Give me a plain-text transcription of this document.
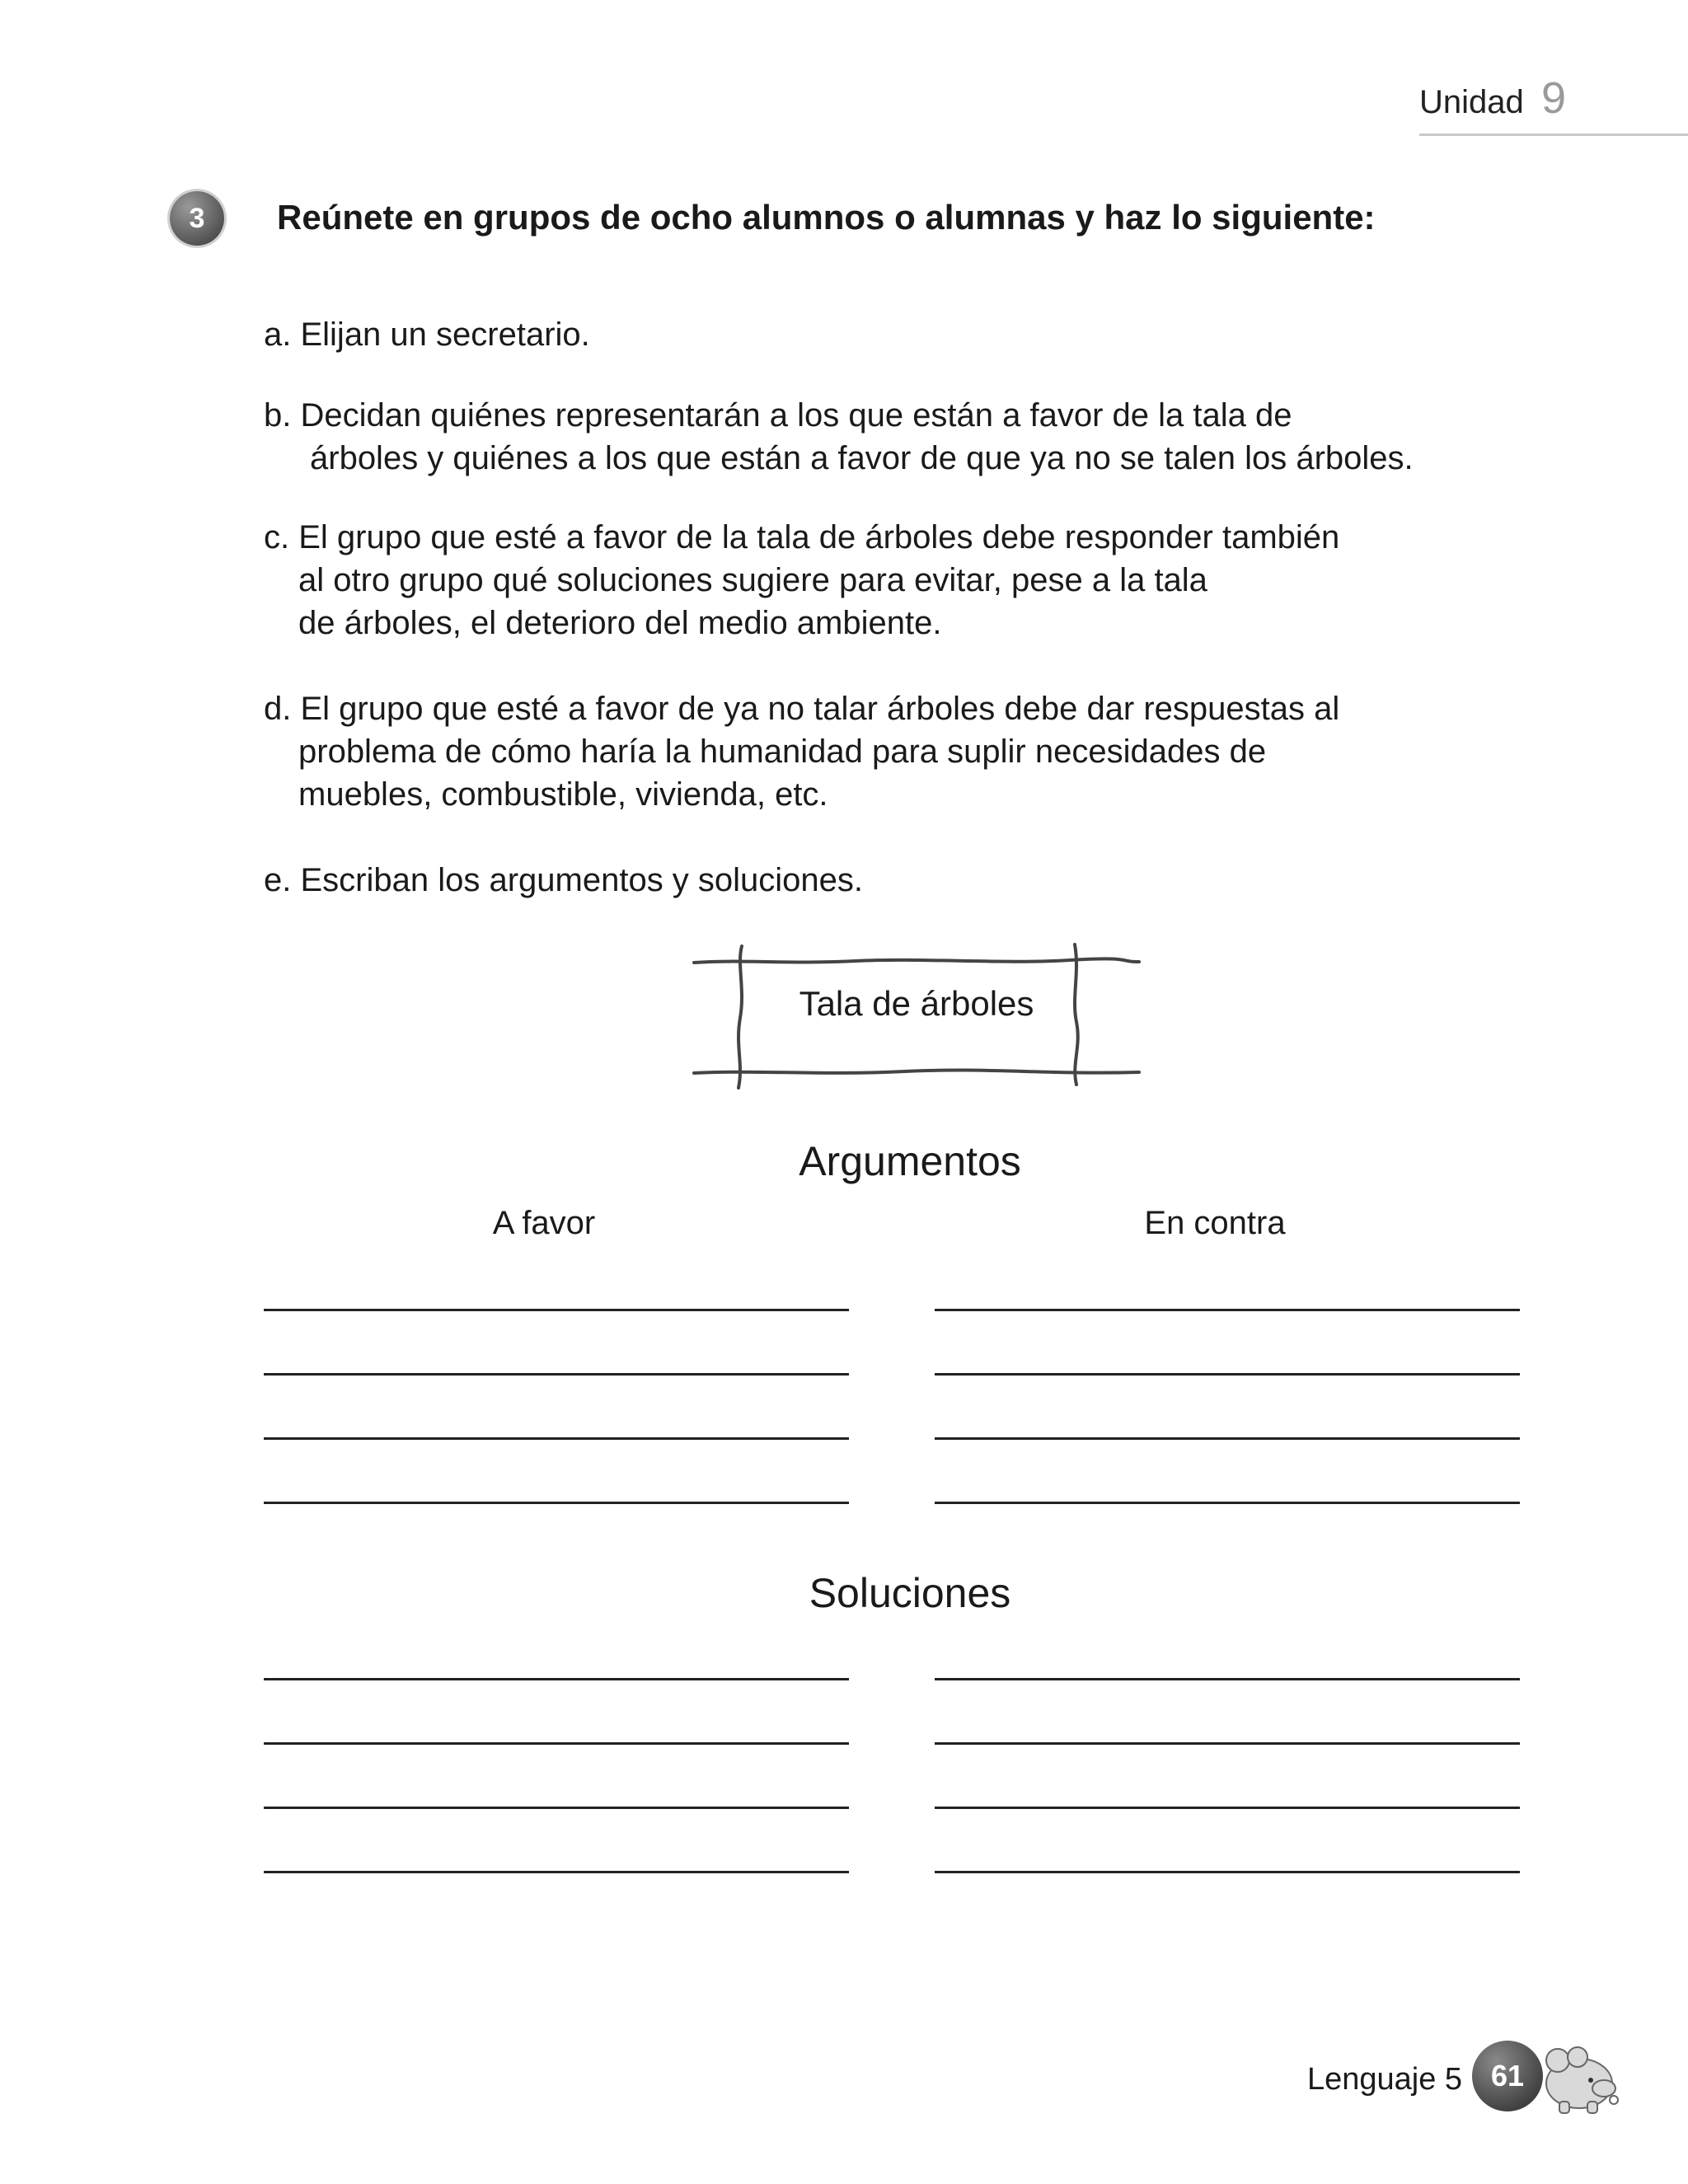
Unidad 9
3	Reúnete en grupos de ocho alumnos o alumnas y haz lo siguiente:
a. Elijan un secretario.
b. Decidan quiénes representarán a los que están a favor de la tala de
árboles y quiénes a los que están a favor de que ya no se talen los árboles.
c. El grupo que esté a favor de la tala de árboles debe responder también
al otro grupo qué soluciones sugiere para evitar, pese a la tala
de árboles, el deterioro del medio ambiente.
d. El grupo que esté a favor de ya no talar árboles debe dar respuestas al
problema de cómo haría la humanidad para suplir necesidades de
muebles, combustible, vivienda, etc.
e. Escriban los argumentos y soluciones.
Tala de árboles
Argumentos
A favor	En contra
Soluciones
Lenguaje 5 61
